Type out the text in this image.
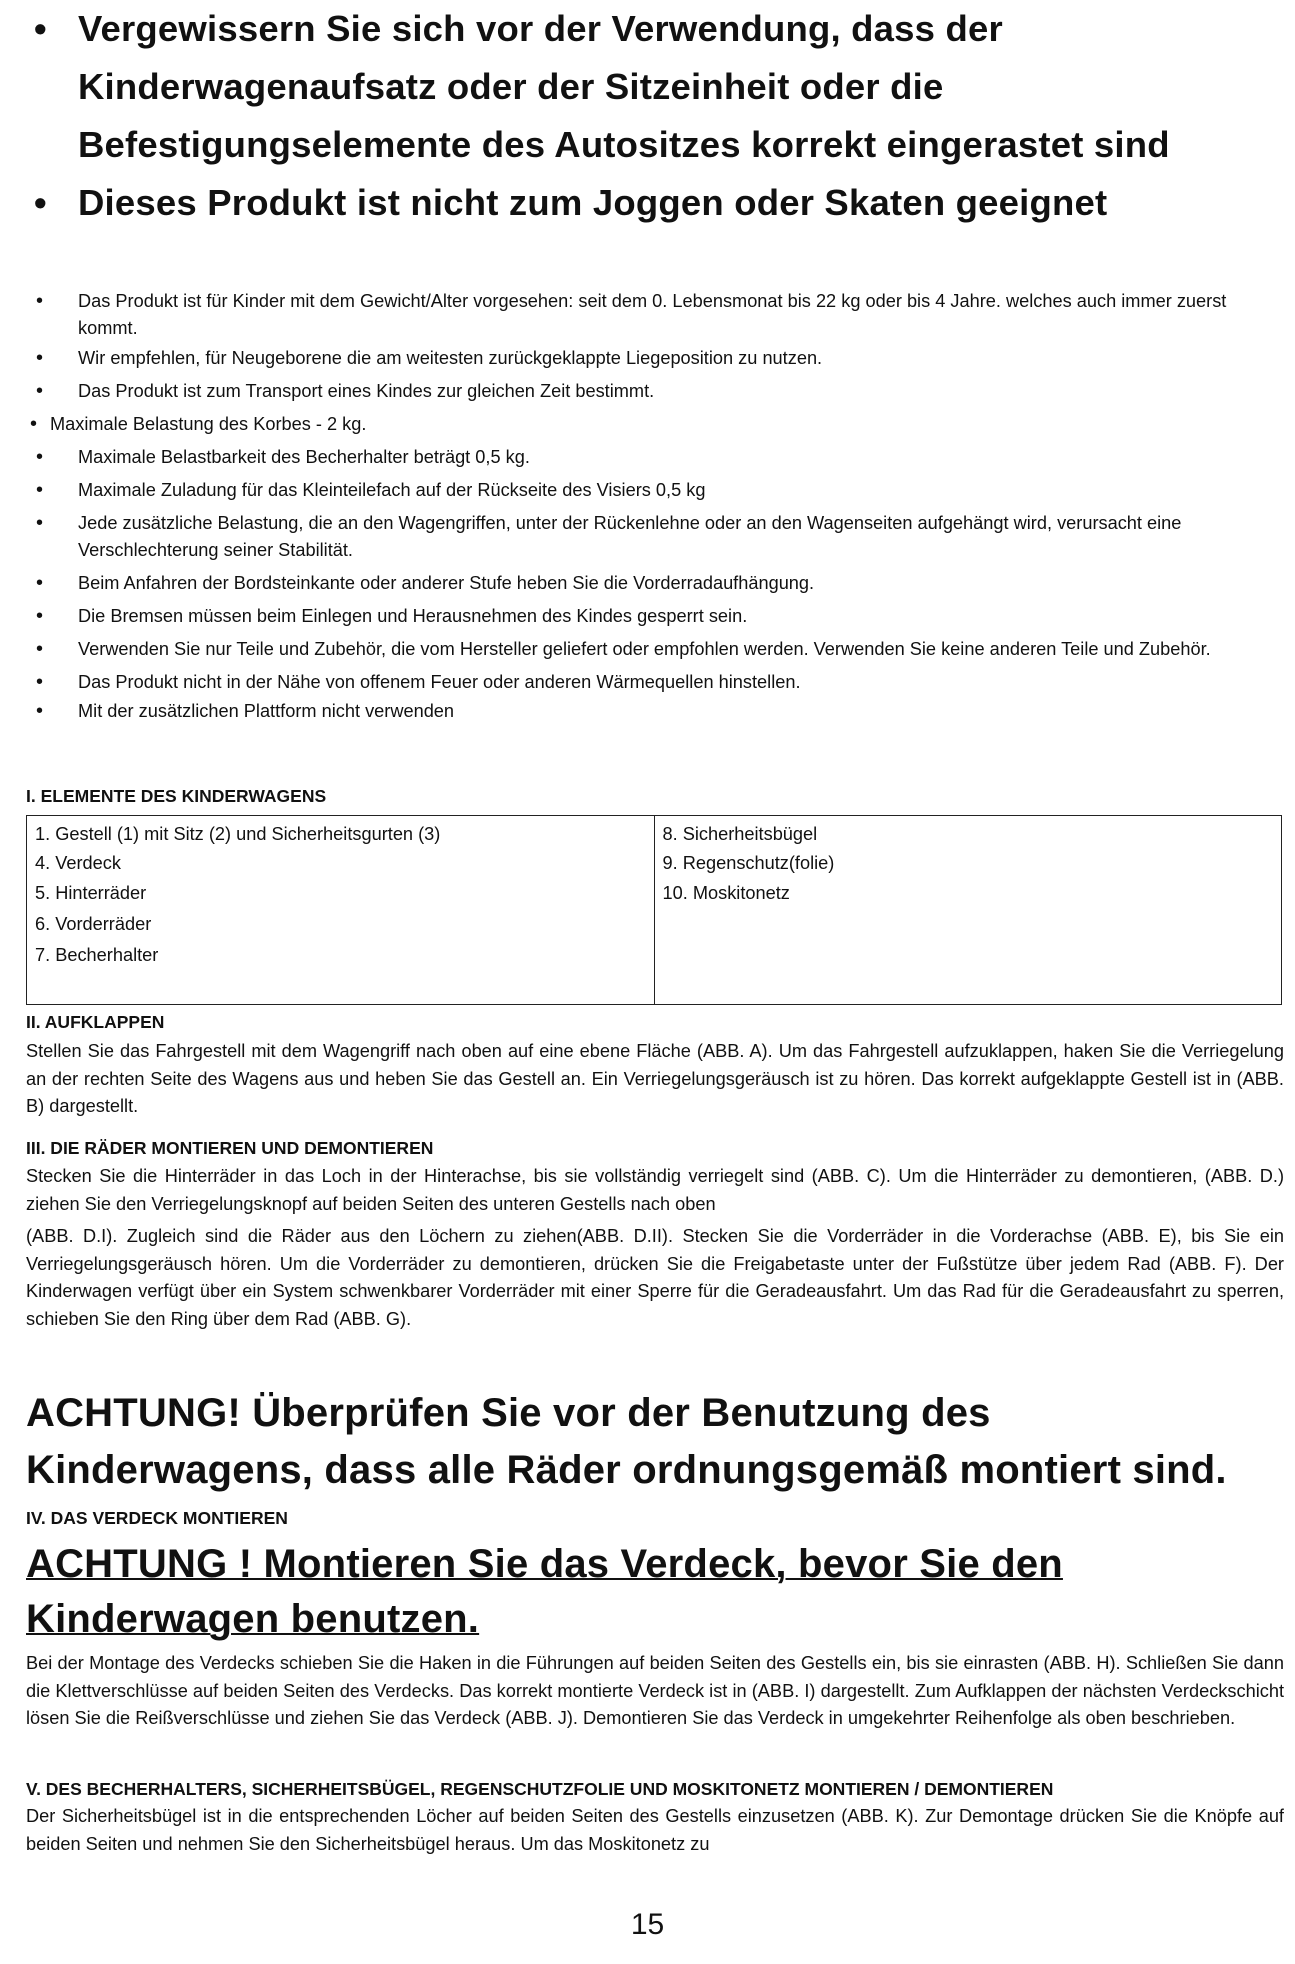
• Vergewissern Sie sich vor der Verwendung, dass der Kinderwagenaufsatz oder der Sitzeinheit oder die Befestigungselemente des Autositzes korrekt eingerastet sind
• Dieses Produkt ist nicht zum Joggen oder Skaten geeignet
• Das Produkt ist für Kinder mit dem Gewicht/Alter vorgesehen: seit dem 0. Lebensmonat bis 22 kg oder bis 4 Jahre. welches auch immer zuerst kommt.
• Wir empfehlen, für Neugeborene die am weitesten zurückgeklappte Liegeposition zu nutzen.
• Das Produkt ist zum Transport eines Kindes zur gleichen Zeit bestimmt.
• Maximale Belastung des Korbes - 2 kg.
• Maximale Belastbarkeit des Becherhalter beträgt 0,5 kg.
• Maximale Zuladung für das Kleinteilefach auf der Rückseite des Visiers 0,5 kg
• Jede zusätzliche Belastung, die an den Wagengriffen, unter der Rückenlehne oder an den Wagenseiten aufgehängt wird, verursacht eine Verschlechterung seiner Stabilität.
• Beim Anfahren der Bordsteinkante oder anderer Stufe heben Sie die Vorderradaufhängung.
• Die Bremsen müssen beim Einlegen und Herausnehmen des Kindes gesperrt sein.
• Verwenden Sie nur Teile und Zubehör, die vom Hersteller geliefert oder empfohlen werden. Verwenden Sie keine anderen Teile und Zubehör.
• Das Produkt nicht in der Nähe von offenem Feuer oder anderen Wärmequellen hinstellen.
• Mit der zusätzlichen Plattform nicht verwenden
I. ELEMENTE DES KINDERWAGENS
1. Gestell (1) mit Sitz (2) und Sicherheitsgurten (3)
4. Verdeck
5. Hinterräder
6. Vorderräder
7. Becherhalter

8. Sicherheitsbügel
9. Regenschutz(folie)
10. Moskitonetz
II. AUFKLAPPEN
Stellen Sie das Fahrgestell mit dem Wagengriff nach oben auf eine ebene Fläche (ABB. A). Um das Fahrgestell aufzuklappen, haken Sie die Verriegelung an der rechten Seite des Wagens aus und heben Sie das Gestell an. Ein Verriegelungsgeräusch ist zu hören. Das korrekt aufgeklappte Gestell ist in (ABB. B) dargestellt.
III. DIE RÄDER MONTIEREN UND DEMONTIEREN
Stecken Sie die Hinterräder in das Loch in der Hinterachse, bis sie vollständig verriegelt sind (ABB. C). Um die Hinterräder zu demontieren, (ABB. D.) ziehen Sie den Verriegelungsknopf auf beiden Seiten des unteren Gestells nach oben
(ABB. D.I). Zugleich sind die Räder aus den Löchern zu ziehen(ABB. D.II). Stecken Sie die Vorderräder in die Vorderachse (ABB. E), bis Sie ein Verriegelungsgeräusch hören. Um die Vorderräder zu demontieren, drücken Sie die Freigabetaste unter der Fußstütze über jedem Rad (ABB. F). Der Kinderwagen verfügt über ein System schwenkbarer Vorderräder mit einer Sperre für die Geradeausfahrt. Um das Rad für die Geradeausfahrt zu sperren, schieben Sie den Ring über dem Rad (ABB. G).
ACHTUNG! Überprüfen Sie vor der Benutzung des Kinderwagens, dass alle Räder ordnungsgemäß montiert sind.
IV. DAS VERDECK MONTIEREN
ACHTUNG ! Montieren Sie das Verdeck, bevor Sie den Kinderwagen benutzen.
Bei der Montage des Verdecks schieben Sie die Haken in die Führungen auf beiden Seiten des Gestells ein, bis sie einrasten (ABB. H). Schließen Sie dann die Klettverschlüsse auf beiden Seiten des Verdecks. Das korrekt montierte Verdeck ist in (ABB. I) dargestellt. Zum Aufklappen der nächsten Verdeckschicht lösen Sie die Reißverschlüsse und ziehen Sie das Verdeck (ABB. J). Demontieren Sie das Verdeck in umgekehrter Reihenfolge als oben beschrieben.
V. DES BECHERHALTERS, SICHERHEITSBÜGEL, REGENSCHUTZFOLIE UND MOSKITONETZ MONTIEREN / DEMONTIEREN
Der Sicherheitsbügel ist in die entsprechenden Löcher auf beiden Seiten des Gestells einzusetzen (ABB. K). Zur Demontage drücken Sie die Knöpfe auf beiden Seiten und nehmen Sie den Sicherheitsbügel heraus. Um das Moskitonetz zu
15
